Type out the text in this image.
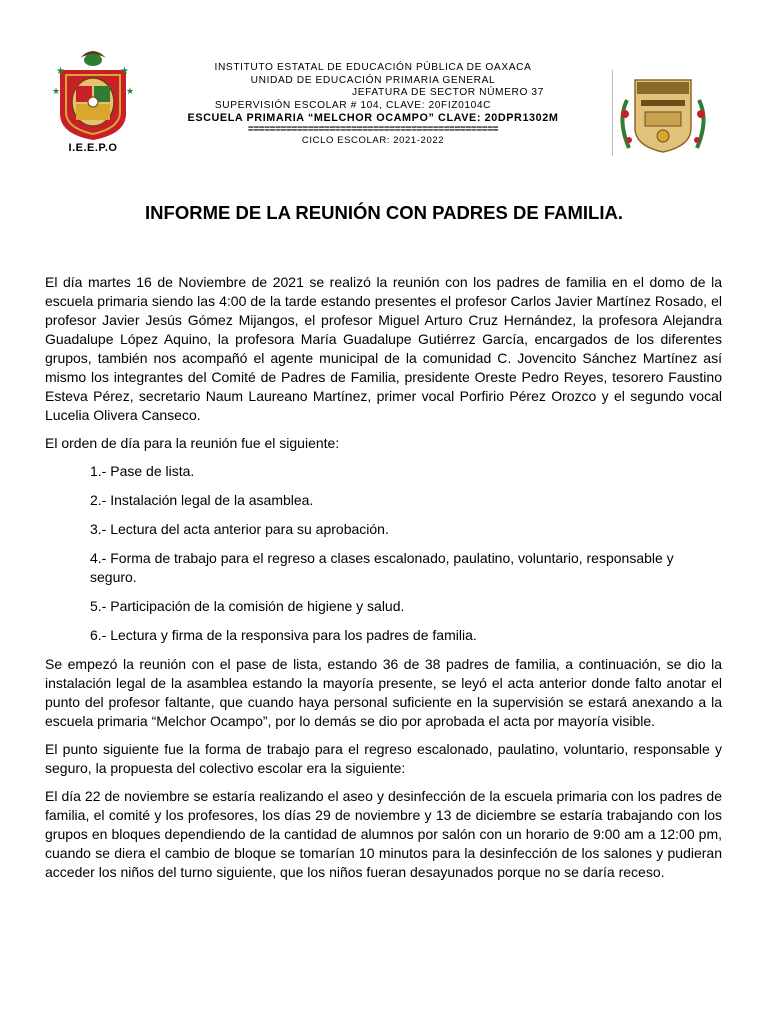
★	★
★	★
I.E.E.P.O
INSTITUTO ESTATAL DE EDUCACIÓN PÚBLICA DE OAXACA
UNIDAD DE EDUCACIÓN PRIMARIA GENERAL
JEFATURA DE SECTOR NÚMERO 37
SUPERVISIÓN ESCOLAR # 104, CLAVE: 20FIZ0104C
ESCUELA PRIMARIA “MELCHOR OCAMPO” CLAVE: 20DPR1302M
==============================================
CICLO ESCOLAR: 2021-2022
INFORME DE LA REUNIÓN CON PADRES DE FAMILIA.

El día martes 16 de Noviembre de 2021 se realizó la reunión con los padres de familia en el domo de la escuela primaria siendo las 4:00 de la tarde estando presentes el profesor Carlos Javier Martínez Rosado, el profesor Javier Jesús Gómez Mijangos, el profesor Miguel Arturo Cruz Hernández, la profesora Alejandra Guadalupe López Aquino, la profesora María Guadalupe Gutiérrez García, encargados de los diferentes grupos, también nos acompañó el agente municipal de la comunidad C. Jovencito Sánchez Martínez así mismo los integrantes del Comité de Padres de Familia, presidente Oreste Pedro Reyes, tesorero Faustino Esteva Pérez, secretario Naum Laureano Martínez, primer vocal Porfirio Pérez Orozco y el segundo vocal Lucelia Olivera Canseco.

El orden de día para la reunión fue el siguiente:

1.- Pase de lista.
2.- Instalación legal de la asamblea.
3.- Lectura del acta anterior para su aprobación.
4.- Forma de trabajo para el regreso a clases escalonado, paulatino, voluntario, responsable y seguro.
5.- Participación de la comisión de higiene y salud.
6.- Lectura y firma de la responsiva para los padres de familia.

Se empezó la reunión con el pase de lista, estando 36 de 38 padres de familia, a continuación, se dio la instalación legal de la asamblea estando la mayoría presente, se leyó el acta anterior donde falto anotar el punto del profesor faltante, que cuando haya personal suficiente en la supervisión se estará anexando a la escuela primaria “Melchor Ocampo”, por lo demás se dio por aprobada el acta por mayoría visible.

El punto siguiente fue la forma de trabajo para el regreso escalonado, paulatino, voluntario, responsable y seguro, la propuesta del colectivo escolar era la siguiente:

El día 22 de noviembre se estaría realizando el aseo y desinfección de la escuela primaria con los padres de familia, el comité y los profesores, los días 29 de noviembre y 13 de diciembre se estaría trabajando con los grupos en bloques dependiendo de la cantidad de alumnos por salón con un horario de 9:00 am a 12:00 pm, cuando se diera el cambio de bloque se tomarían 10 minutos para la desinfección de los salones y pudieran acceder los niños del turno siguiente, que los niños fueran desayunados porque no se daría receso.
